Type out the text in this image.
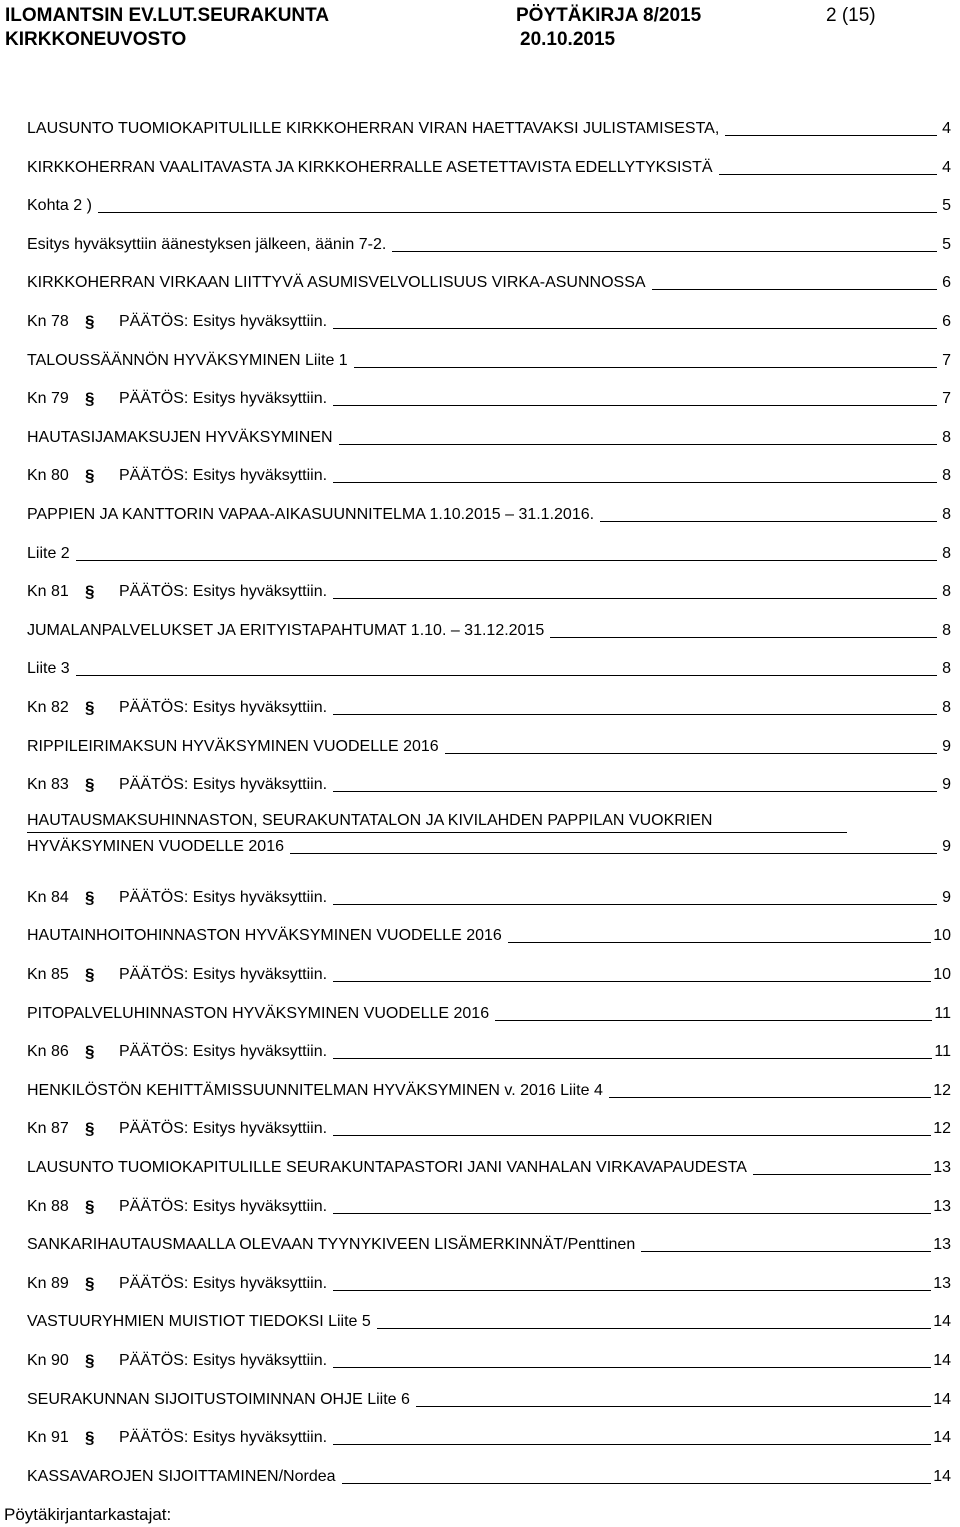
ILOMANTSIN EV.LUT.SEURAKUNTA
KIRKKONEUVOSTO
PÖYTÄKIRJA 8/2015
20.10.2015
2 (15)
LAUSUNTO TUOMIOKAPITULILLE KIRKKOHERRAN VIRAN HAETTAVAKSI JULISTAMISESTA,	4
KIRKKOHERRAN VAALITAVASTA JA KIRKKOHERRALLE ASETETTAVISTA EDELLYTYKSISTÄ	4
Kohta 2 )	5
Esitys hyväksyttiin äänestyksen jälkeen, äänin 7-2.	5
KIRKKOHERRAN VIRKAAN LIITTYVÄ ASUMISVELVOLLISUUS VIRKA-ASUNNOSSA	6
Kn 78 §	PÄÄTÖS: Esitys hyväksyttiin.	6
TALOUSSÄÄNNÖN HYVÄKSYMINEN Liite 1	7
Kn 79 §	PÄÄTÖS: Esitys hyväksyttiin.	7
HAUTASIJAMAKSUJEN HYVÄKSYMINEN	8
Kn 80 §	PÄÄTÖS: Esitys hyväksyttiin.	8
PAPPIEN JA KANTTORIN VAPAA-AIKASUUNNITELMA 1.10.2015 – 31.1.2016.	8
Liite 2	8
Kn 81 §	PÄÄTÖS: Esitys hyväksyttiin.	8
JUMALANPALVELUKSET JA ERITYISTAPAHTUMAT 1.10. – 31.12.2015	8
Liite 3	8
Kn 82 §	PÄÄTÖS: Esitys hyväksyttiin.	8
RIPPILEIRIMAKSUN HYVÄKSYMINEN VUODELLE 2016	9
Kn 83 §	PÄÄTÖS: Esitys hyväksyttiin.	9
HAUTAUSMAKSUHINNASTON, SEURAKUNTATALON JA KIVILAHDEN PAPPILAN VUOKRIEN
HYVÄKSYMINEN VUODELLE 2016	9
Kn 84 §	PÄÄTÖS: Esitys hyväksyttiin.	9
HAUTAINHOITOHINNASTON HYVÄKSYMINEN VUODELLE 2016	10
Kn 85 §	PÄÄTÖS: Esitys hyväksyttiin.	10
PITOPALVELUHINNASTON HYVÄKSYMINEN VUODELLE 2016	11
Kn 86 §	PÄÄTÖS: Esitys hyväksyttiin.	11
HENKILÖSTÖN KEHITTÄMISSUUNNITELMAN HYVÄKSYMINEN v. 2016 Liite 4	12
Kn 87 §	PÄÄTÖS: Esitys hyväksyttiin.	12
LAUSUNTO TUOMIOKAPITULILLE SEURAKUNTAPASTORI JANI VANHALAN VIRKAVAPAUDESTA	13
Kn 88 §	PÄÄTÖS: Esitys hyväksyttiin.	13
SANKARIHAUTAUSMAALLA OLEVAAN TYYNYKIVEEN LISÄMERKINNÄT/Penttinen	13
Kn 89 §	PÄÄTÖS: Esitys hyväksyttiin.	13
VASTUURYHMIEN MUISTIOT TIEDOKSI Liite 5	14
Kn 90 §	PÄÄTÖS: Esitys hyväksyttiin.	14
SEURAKUNNAN SIJOITUSTOIMINNAN OHJE Liite 6	14
Kn 91 §	PÄÄTÖS: Esitys hyväksyttiin.	14
KASSAVAROJEN SIJOITTAMINEN/Nordea	14
Pöytäkirjantarkastajat:
